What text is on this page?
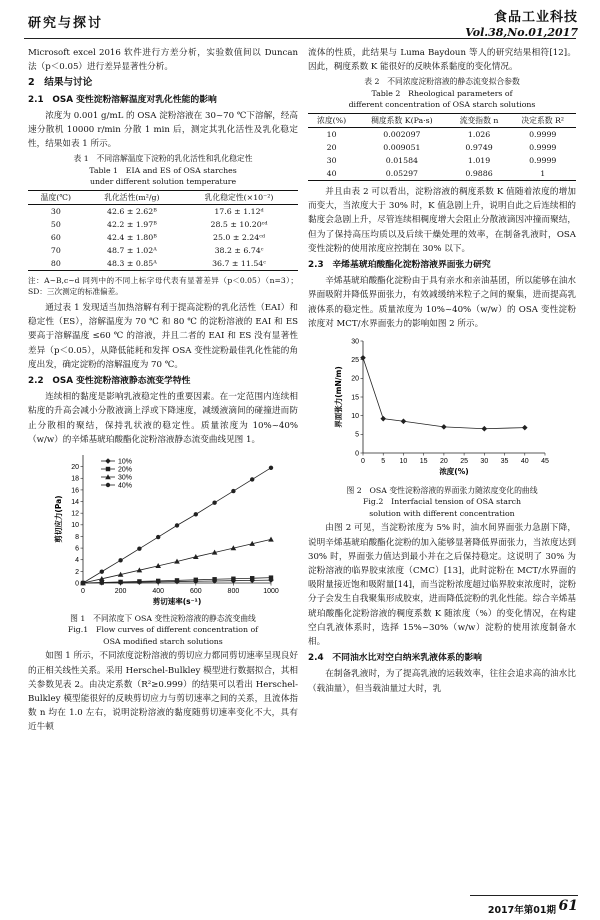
研究与探讨	食品工业科技
Vol.38,No.01,2017

Microsoft excel 2016 软件进行方差分析，实验数值间以 Duncan 法（p＜0.05）进行差异显著性分析。

2　结果与讨论
2.1　OSA 变性淀粉溶解温度对乳化性能的影响

浓度为 0.001 g/mL 的 OSA 淀粉溶液在 30~70 ℃下溶解，经高速分散机 10000 r/min 分散 1 min 后，测定其乳化活性及乳化稳定性，结果如表 1 所示。

表 1　不同溶解温度下淀粉的乳化活性和乳化稳定性
Table 1　EIA and ES of OSA starches
under different solution temperature
温度(℃)	乳化活性(m²/g)	乳化稳定性(×10⁻²)
30	42.6 ± 2.62ᴮ	17.6 ± 1.12ᵈ
50	42.2 ± 1.97ᴮ	28.5 ± 10.20ᶜᵈ
60	42.4 ± 1.80ᴮ	25.0 ± 2.24ᶜᵈ
70	48.7 ± 1.02ᴬ	38.2 ± 6.74ᶜ
80	48.3 ± 0.85ᴬ	36.7 ± 11.54ᶜ
注：A~B,c~d 同列中的不同上标字母代表有显著差异（p＜0.05）（n=3）；SD：三次测定的标准偏差。

通过表 1 发现适当加热溶解有利于提高淀粉的乳化活性（EAI）和稳定性（ES），溶解温度为 70 ℃ 和 80 ℃ 的淀粉溶液的 EAI 和 ES 要高于溶解温度 ≤60 ℃ 的溶液，并且二者的 EAI 和 ES 没有显著性差异（p＜0.05），从降低能耗和发挥 OSA 变性淀粉最佳乳化性能的角度出发，确定淀粉的溶解温度为 70 ℃。

2.2　OSA 变性淀粉溶液静态流变学特性

连续相的黏度是影响乳液稳定性的重要因素。在一定范围内连续相粘度的升高会减小分散液滴上浮或下降速度，减缓液滴间的碰撞进而防止分散相的聚结，保持乳状液的稳定性。质量浓度为 10%~40%（w/w）的辛烯基琥珀酸酯化淀粉溶液静态流变曲线见图 1。

0	200	400	600	800	1000
0
2
4
6
8
10
12
14
16
18
20
剪切速率(s⁻¹)
剪切应力(Pa)
10%
20%
30%
40%
图 1　不同浓度下 OSA 变性淀粉溶液的静态流变曲线
Fig.1　Flow curves of different concentration of
OSA modified starch solutions

如图 1 所示，不同浓度淀粉溶液的剪切应力都同剪切速率呈现良好的正相关线性关系。采用 Herschel-Bulkley 模型进行数据拟合，其相关参数见表 2。由决定系数（R²≥0.999）的结果可以看出 Herschel-Bulkley 模型能很好的反映剪切应力与剪切速率之间的关系，且流体指数 n 均在 1.0 左右，说明淀粉溶液的黏度随剪切速率变化不大，具有近牛顿

流体的性质，此结果与 Luma Baydoun 等人的研究结果相符[12]。因此，稠度系数 K 能很好的反映体系黏度的变化情况。

表 2　不同浓度淀粉溶液的静态流变拟合参数
Table 2　Rheological parameters of
different concentration of OSA starch solutions
浓度(%)	稠度系数 K(Pa·s)	流变指数 n	决定系数 R²
10	0.002097	1.026	0.9999
20	0.009051	0.9749	0.9999
30	0.01584	1.019	0.9999
40	0.05297	0.9886	1

并且由表 2 可以看出，淀粉溶液的稠度系数 K 值随着浓度的增加而变大，当浓度大于 30% 时，K 值急剧上升，说明自此之后连续相的黏度会急剧上升，尽管连续相稠度增大会阻止分散液滴因冲撞而聚结，但为了保持高压均质以及后续干燥处理的效率，在制备乳液时，OSA 变性淀粉的使用浓度应控制在 30% 以下。

2.3　辛烯基琥珀酸酯化淀粉溶液界面张力研究

辛烯基琥珀酸酯化淀粉由于具有亲水和亲油基团，所以能够在油水界面吸附并降低界面张力，有效减缓纳米粒子之间的聚集，进而提高乳液体系的稳定性。质量浓度为 10%~40%（w/w）的 OSA 变性淀粉浓度对 MCT/水界面张力的影响如图 2 所示。

0 5 10 15 20 25 30 35 40 45
0
5
10
15
20
25
30
浓度(%)
界面张力(mN/m)
图 2　OSA 变性淀粉溶液的界面张力随浓度变化的曲线
Fig.2　Interfacial tension of OSA starch
solution with different concentration

由图 2 可见，当淀粉浓度为 5% 时，油水间界面张力急剧下降，说明辛烯基琥珀酸酯化淀粉的加入能够显著降低界面张力，当浓度达到 30% 时，界面张力值达到最小并在之后保持稳定。这说明了 30% 为淀粉溶液的临界胶束浓度（CMC）[13]，此时淀粉在 MCT/水界面的吸附量接近饱和吸附量[14]，而当淀粉浓度超过临界胶束浓度时，淀粉分子会发生自我聚集形成胶束，进而降低淀粉的乳化性能。综合辛烯基琥珀酸酯化淀粉溶液的稠度系数 K 随浓度（%）的变化情况，在构建空白乳液体系时，选择 15%~30%（w/w）淀粉的使用浓度制备水相。

2.4　不同油水比对空白纳米乳液体系的影响

在制备乳液时，为了提高乳液的运载效率，往往会追求高的油水比（载油量），但当载油量过大时，乳

2017年第01期 61
